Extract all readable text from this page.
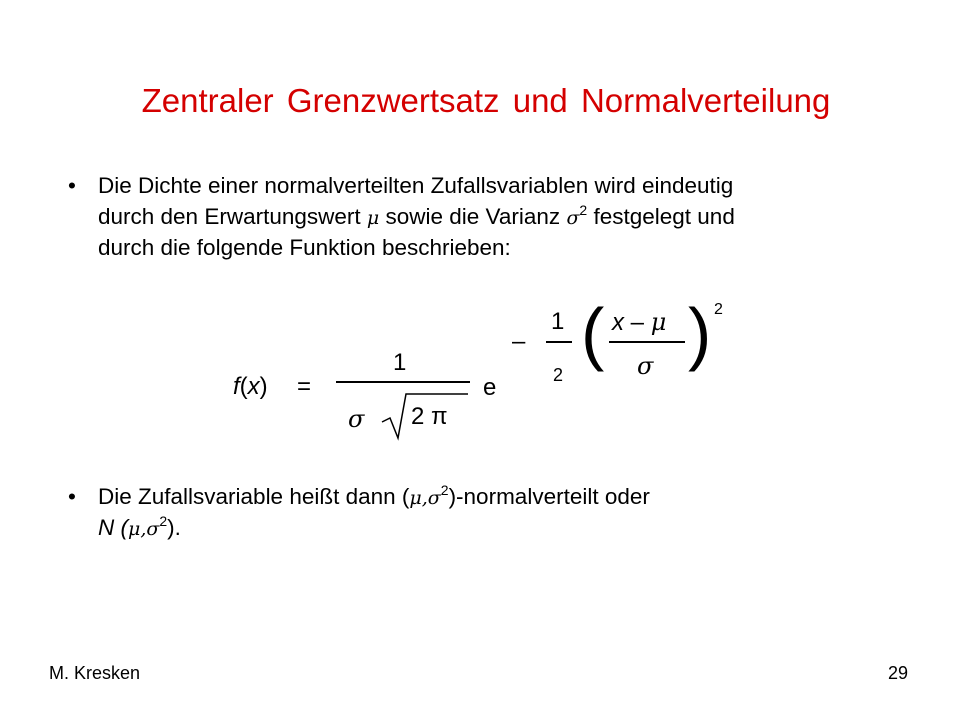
Zentraler Grenzwertsatz und Normalverteilung
• Die Dichte einer normalverteilten Zufallsvariablen wird eindeutig
durch den Erwartungswert μ sowie die Varianz $\sigma^2$ festgelegt und
durch die folgende Funktion beschrieben:
f(x) =
1
σ 2 π
e
–
1
2
( x – μ
σ ) 2
• Die Zufallsvariable heißt dann $(\mu,\sigma^2)$-normalverteilt oder
N $(\mu,\sigma^2)$.
M. Kresken	29
